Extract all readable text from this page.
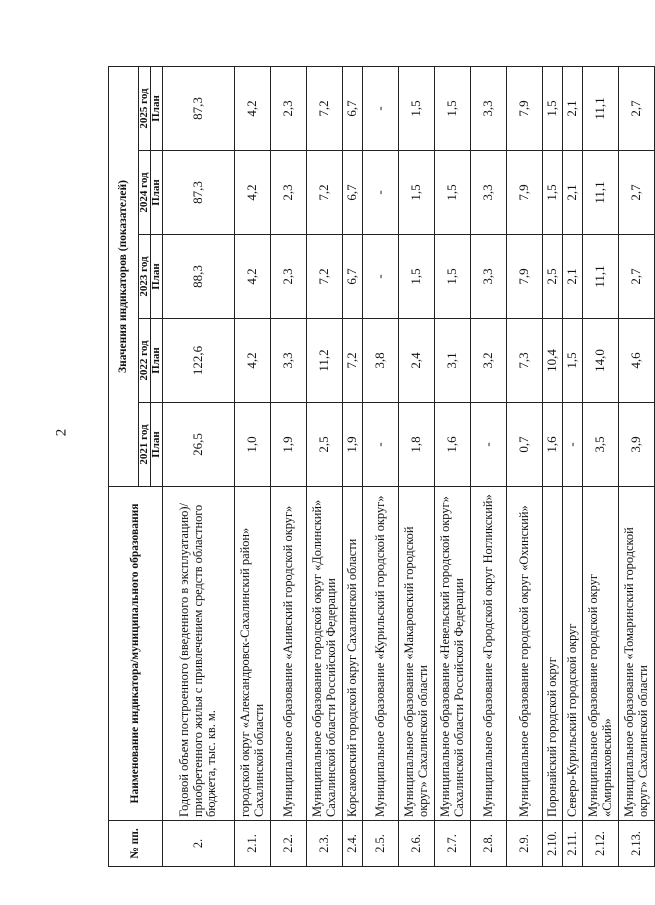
2
№ пп.	Наименование индикатора/муниципального образования	Значения индикаторов (показателей)				
		2021 год	2022 год	2023 год	2024 год	2025 год
		План	План	План	План	План
2.	Годовой объем построенного (введенного в эксплуатацию)/приобретенного жилья с привлечением средств областного бюджета, тыс. кв. м.	26,5	122,6	88,3	87,3	87,3
2.1.	городской округ «Александровск-Сахалинский район» Сахалинской области	1,0	4,2	4,2	4,2	4,2
2.2.	Муниципальное образование «Анивский городской округ»	1,9	3,3	2,3	2,3	2,3
2.3.	Муниципальное образование городской округ «Долинский» Сахалинской области Российской Федерации	2,5	11,2	7,2	7,2	7,2
2.4.	Корсаковский городской округ Сахалинской области	1,9	7,2	6,7	6,7	6,7
2.5.	Муниципальное образование «Курильский городской округ»	-	3,8	-	-	-
2.6.	Муниципальное образование «Макаровский городской округ» Сахалинской области	1,8	2,4	1,5	1,5	1,5
2.7.	Муниципальное образование «Невельский городской округ» Сахалинской области Российской Федерации	1,6	3,1	1,5	1,5	1,5
2.8.	Муниципальное образование «Городской округ Ногликский»	-	3,2	3,3	3,3	3,3
2.9.	Муниципальное образование городской округ «Охинский»	0,7	7,3	7,9	7,9	7,9
2.10.	Поронайский городской округ	1,6	10,4	2,5	1,5	1,5
2.11.	Северо-Курильский городской округ	-	1,5	2,1	2,1	2,1
2.12.	Муниципальное образование городской округ «Смирныховский»	3,5	14,0	11,1	11,1	11,1
2.13.	Муниципальное образование «Томаринский городской округ» Сахалинской области	3,9	4,6	2,7	2,7	2,7
